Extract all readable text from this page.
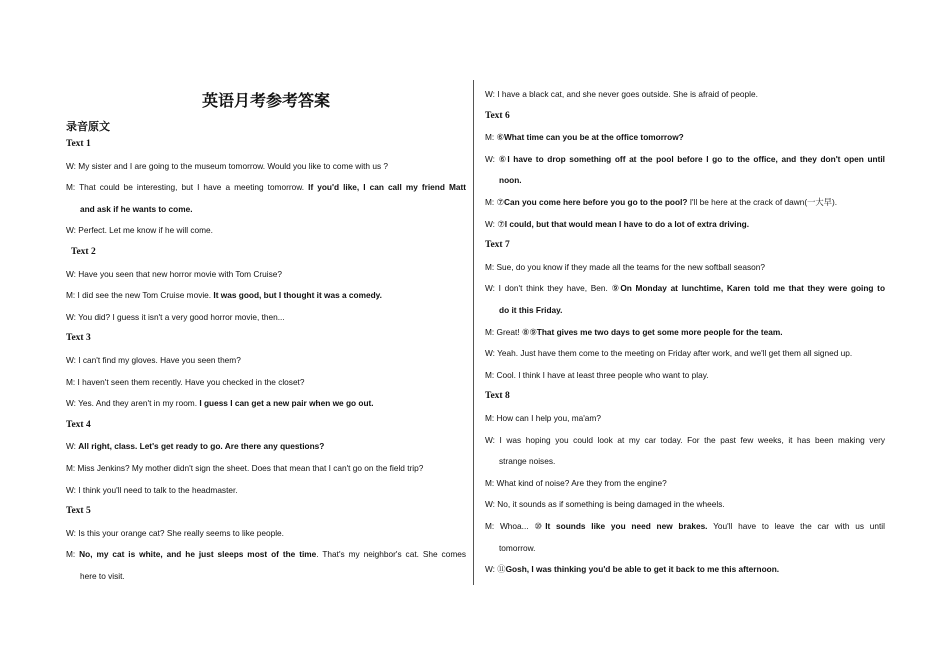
英语月考参考答案
录音原文
Text 1
W: My sister and I are going to the museum tomorrow. Would you like to come with us ?
M: That could be interesting, but I have a meeting tomorrow. If you'd like, I can call my friend Matt
and ask if he wants to come.
W: Perfect. Let me know if he will come.
Text 2
W: Have you seen that new horror movie with Tom Cruise?
M: I did see the new Tom Cruise movie. It was good, but I thought it was a comedy.
W: You did? I guess it isn't a very good horror movie, then...
Text 3
W: I can't find my gloves. Have you seen them?
M: I haven't seen them recently. Have you checked in the closet?
W: Yes. And they aren't in my room. I guess I can get a new pair when we go out.
Text 4
W: All right, class. Let's get ready to go. Are there any questions?
M: Miss Jenkins? My mother didn't sign the sheet. Does that mean that I can't go on the field trip?
W: I think you'll need to talk to the headmaster.
Text 5
W: Is this your orange cat? She really seems to like people.
M: No, my cat is white, and he just sleeps most of the time. That's my neighbor's cat. She comes
here to visit.
W: I have a black cat, and she never goes outside. She is afraid of people.
Text 6
M: ⑥What time can you be at the office tomorrow?
W: ⑥I have to drop something off at the pool before I go to the office, and they don't open until
noon.
M: ⑦Can you come here before you go to the pool? I'll be here at the crack of dawn(一大早).
W: ⑦I could, but that would mean I have to do a lot of extra driving.
Text 7
M: Sue, do you know if they made all the teams for the new softball season?
W: I don't think they have, Ben. ⑨On Monday at lunchtime, Karen told me that they were going to
do it this Friday.
M: Great! ⑧⑨That gives me two days to get some more people for the team.
W: Yeah. Just have them come to the meeting on Friday after work, and we'll get them all signed up.
M: Cool. I think I have at least three people who want to play.
Text 8
M: How can I help you, ma'am?
W: I was hoping you could look at my car today. For the past few weeks, it has been making very
strange noises.
M: What kind of noise? Are they from the engine?
W: No, it sounds as if something is being damaged in the wheels.
M: Whoa... ⑩It sounds like you need new brakes. You'll have to leave the car with us until
tomorrow.
W: ⑪Gosh, I was thinking you'd be able to get it back to me this afternoon.
